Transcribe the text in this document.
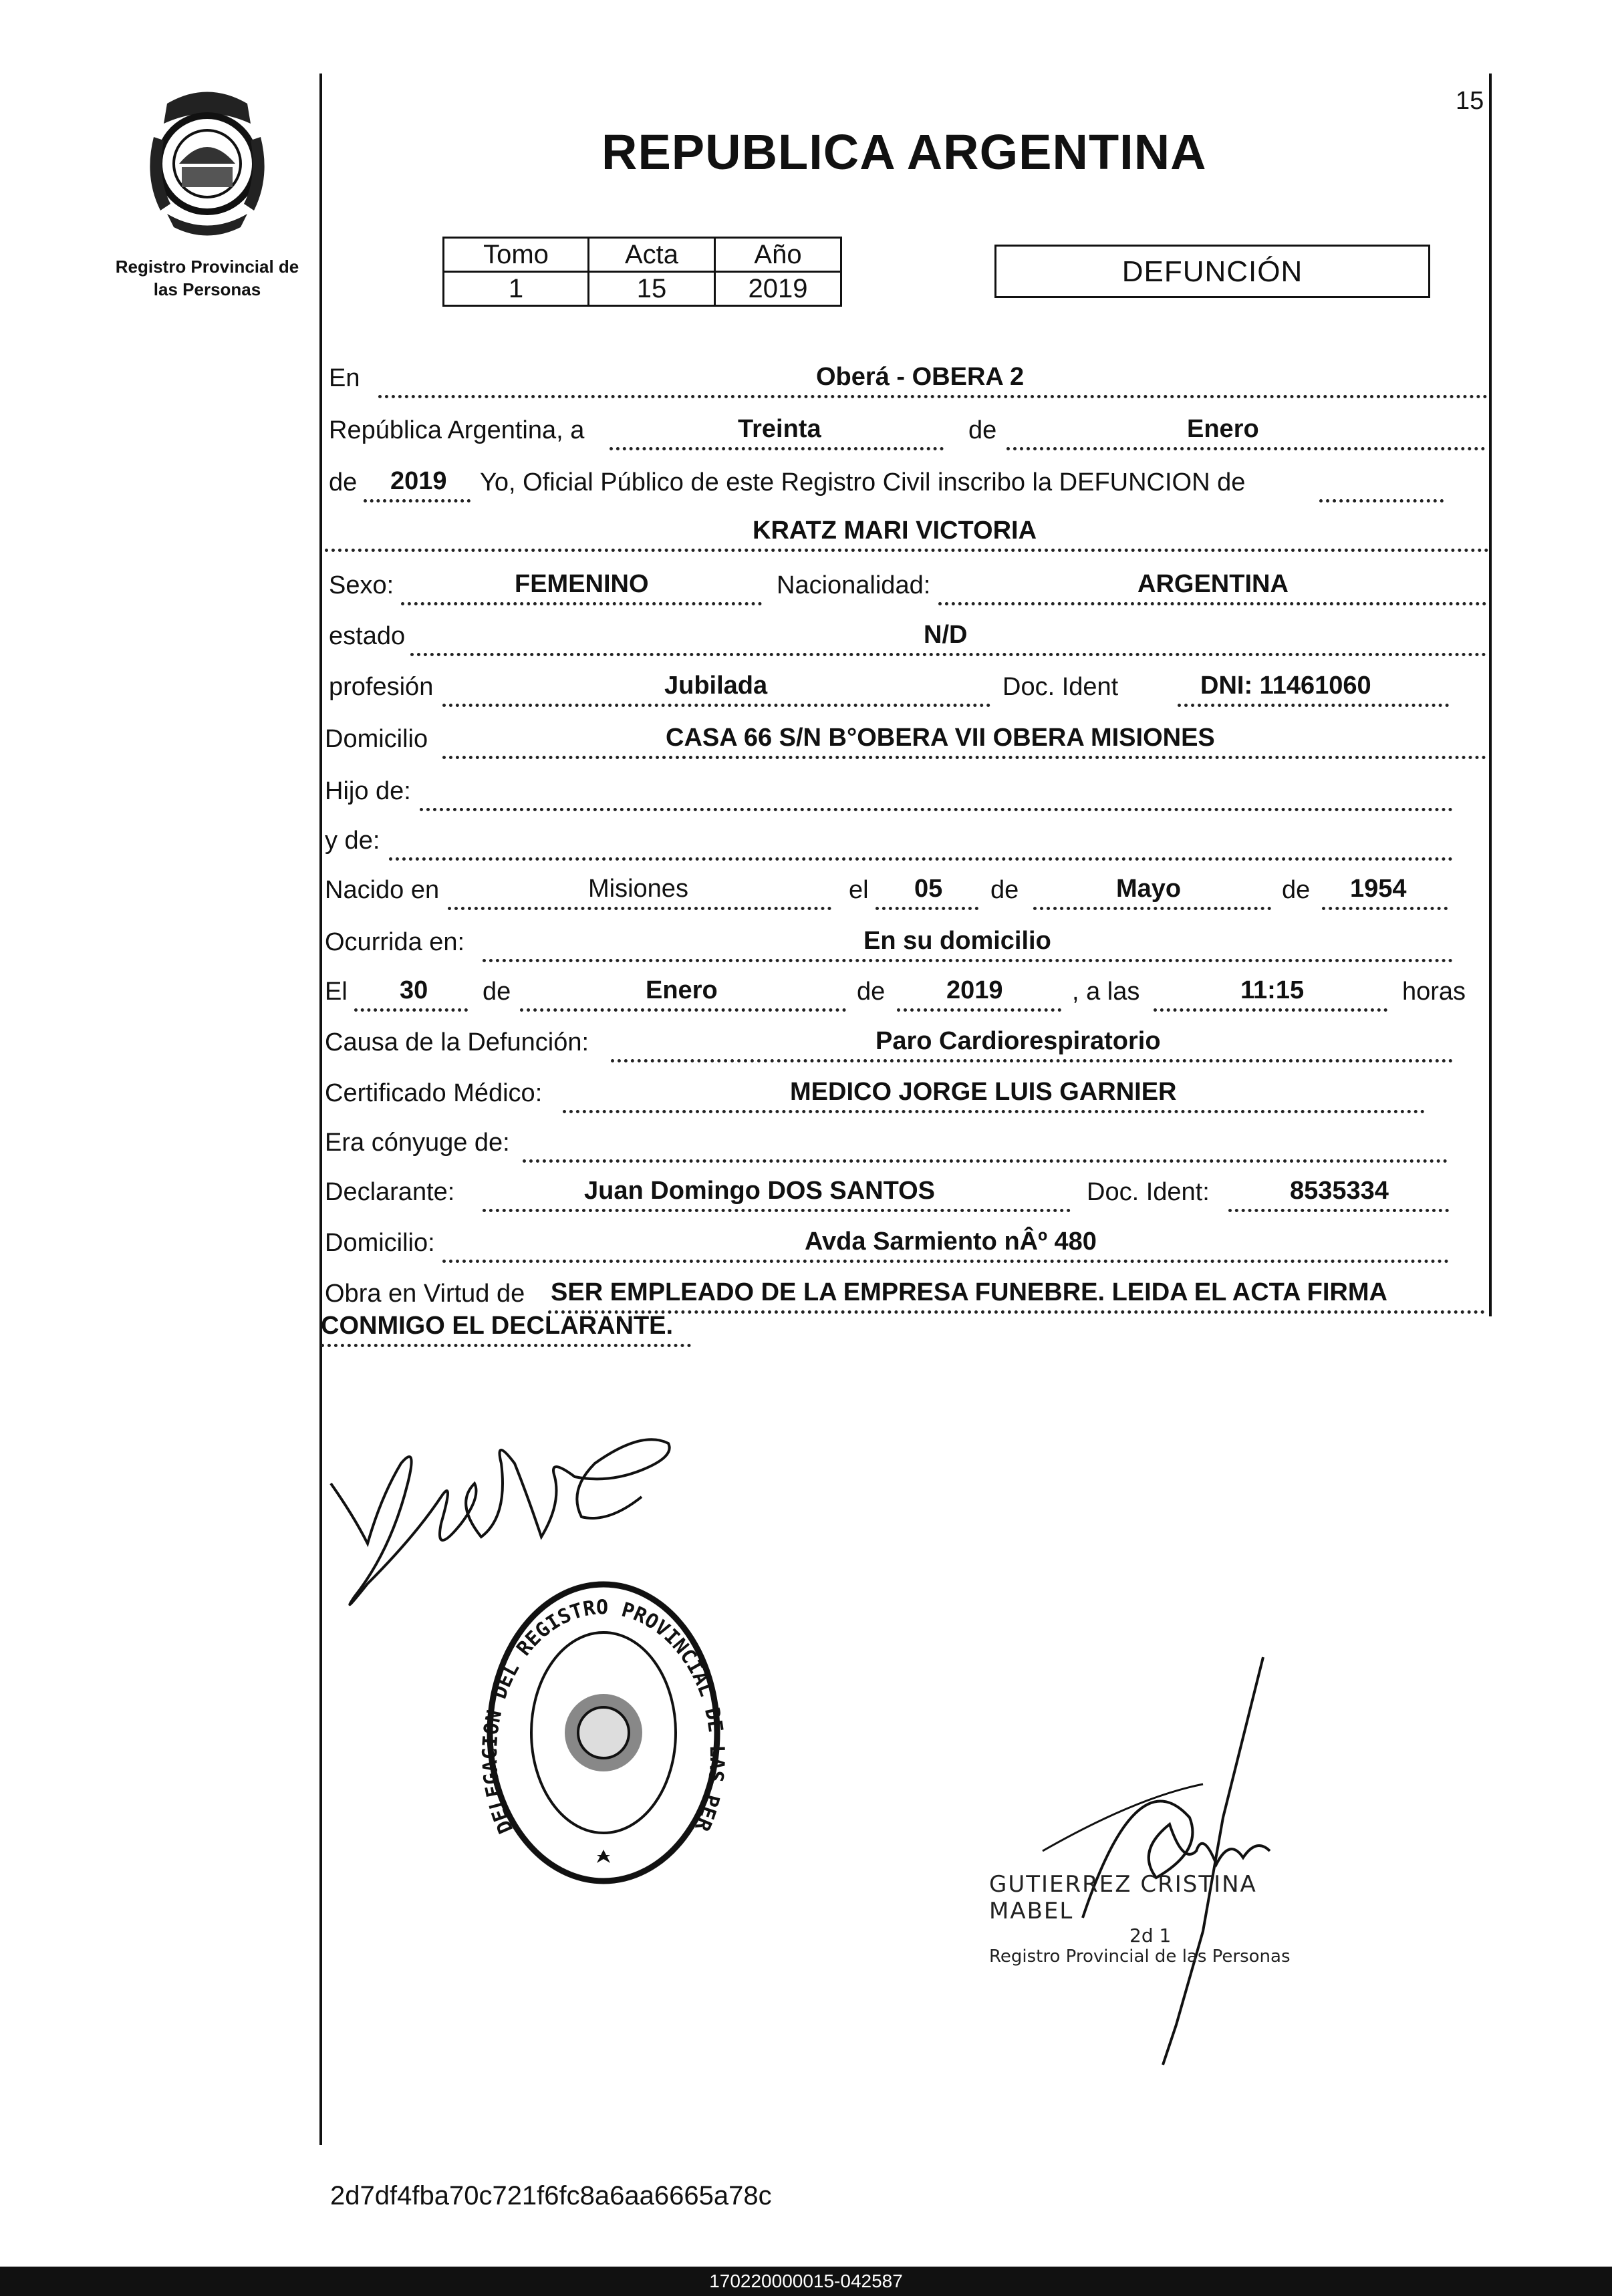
15
Registro Provincial de
las Personas
REPUBLICA ARGENTINA
Tomo	Acta	Año
1	15	2019
DEFUNCIÓN
En	Oberá - OBERA 2
República Argentina, a	Treinta	de	Enero
de 2019 Yo, Oficial Público de este Registro Civil inscribo la DEFUNCION de
KRATZ MARI VICTORIA
Sexo:	FEMENINO	Nacionalidad:	ARGENTINA
estado	N/D
profesión	Jubilada	Doc. Ident	DNI: 11461060
Domicilio	CASA 66 S/N B°OBERA VII OBERA MISIONES
Hijo de:
y de:
Nacido en	Misiones	el 05 de	Mayo	de 1954
Ocurrida en:	En su domicilio
El 30 de	Enero	de 2019	, a las	11:15	horas
Causa de la Defunción:	Paro Cardiorespiratorio
Certificado Médico:	MEDICO JORGE LUIS GARNIER
Era cónyuge de:
Declarante:	Juan Domingo DOS SANTOS	Doc. Ident:	8535334
Domicilio:	Avda Sarmiento nÂº 480
Obra en Virtud de SER EMPLEADO DE LA EMPRESA FUNEBRE. LEIDA EL ACTA FIRMA
CONMIGO EL DECLARANTE.
DELEGACION DEL REGISTRO PROVINCIAL DE LAS PER
GUTIERREZ CRISTINA MABEL
2d 1
Registro Provincial de las Personas
2d7df4fba70c721f6fc8a6aa6665a78c
170220000015-042587
